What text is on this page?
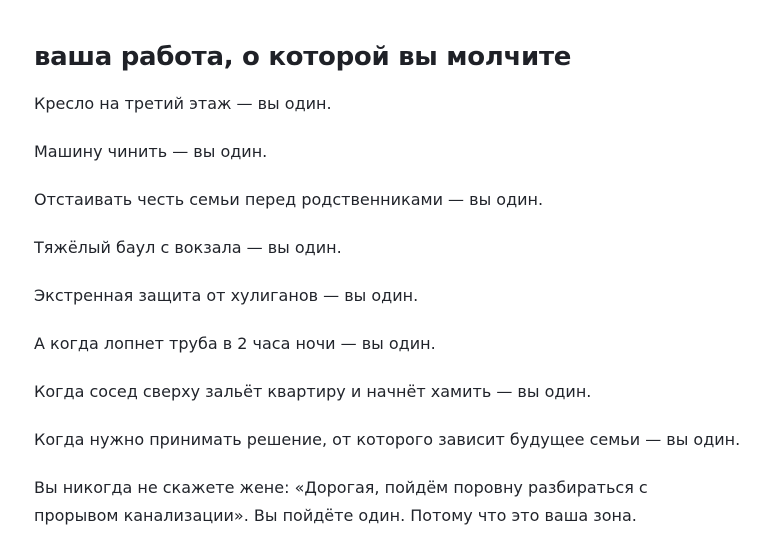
ваша работа, о которой вы молчите

Кресло на третий этаж — вы один.

Машину чинить — вы один.

Отстаивать честь семьи перед родственниками — вы один.

Тяжёлый баул с вокзала — вы один.

Экстренная защита от хулиганов — вы один.

А когда лопнет труба в 2 часа ночи — вы один.

Когда сосед сверху зальёт квартиру и начнёт хамить — вы один.

Когда нужно принимать решение, от которого зависит будущее семьи — вы один.

Вы никогда не скажете жене: «Дорогая, пойдём поровну разбираться с прорывом канализации». Вы пойдёте один. Потому что это ваша зона.
